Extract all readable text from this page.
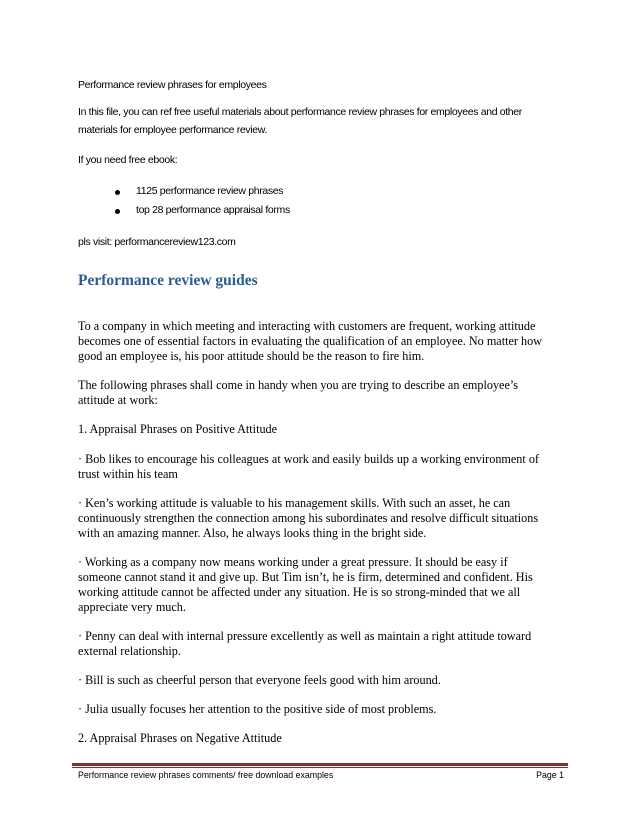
Performance review phrases for employees
In this file, you can ref free useful materials about performance review phrases for employees and other
materials for employee performance review.
If you need free ebook:
1125 performance review phrases
top 28 performance appraisal forms
pls visit: performancereview123.com
Performance review guides
To a company in which meeting and interacting with customers are frequent, working attitude
becomes one of essential factors in evaluating the qualification of an employee. No matter how
good an employee is, his poor attitude should be the reason to fire him.
The following phrases shall come in handy when you are trying to describe an employee’s
attitude at work:
1. Appraisal Phrases on Positive Attitude
· Bob likes to encourage his colleagues at work and easily builds up a working environment of
trust within his team
· Ken’s working attitude is valuable to his management skills. With such an asset, he can
continuously strengthen the connection among his subordinates and resolve difficult situations
with an amazing manner. Also, he always looks thing in the bright side.
· Working as a company now means working under a great pressure. It should be easy if
someone cannot stand it and give up. But Tim isn’t, he is firm, determined and confident. His
working attitude cannot be affected under any situation. He is so strong-minded that we all
appreciate very much.
· Penny can deal with internal pressure excellently as well as maintain a right attitude toward
external relationship.
· Bill is such as cheerful person that everyone feels good with him around.
· Julia usually focuses her attention to the positive side of most problems.
2. Appraisal Phrases on Negative Attitude
Performance review phrases comments/ free download examples	Page 1
